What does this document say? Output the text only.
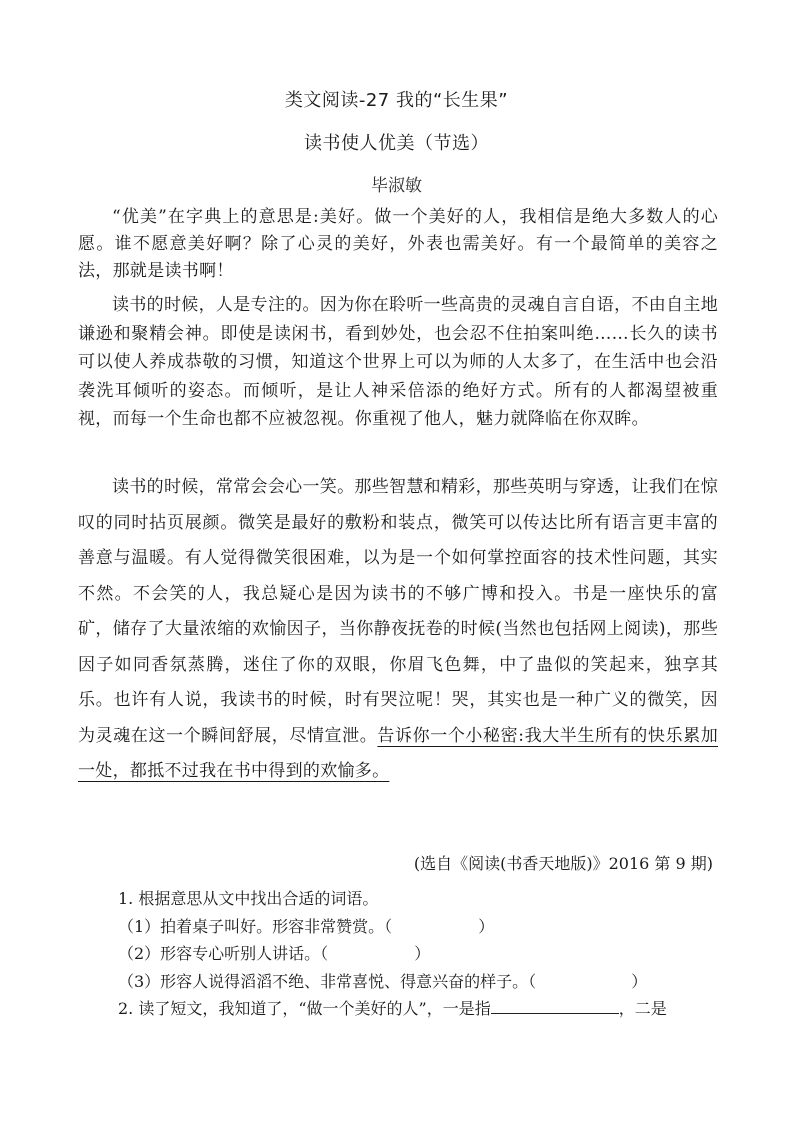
类文阅读-27 我的“长生果”
读书使人优美（节选）
毕淑敏

“优美”在字典上的意思是:美好。做一个美好的人，我相信是绝大多数人的心愿。谁不愿意美好啊？除了心灵的美好，外表也需美好。有一个最简单的美容之法，那就是读书啊！

读书的时候，人是专注的。因为你在聆听一些高贵的灵魂自言自语，不由自主地谦逊和聚精会神。即使是读闲书，看到妙处，也会忍不住拍案叫绝……长久的读书可以使人养成恭敬的习惯，知道这个世界上可以为师的人太多了，在生活中也会沿袭洗耳倾听的姿态。而倾听，是让人神采倍添的绝好方式。所有的人都渴望被重视，而每一个生命也都不应被忽视。你重视了他人，魅力就降临在你双眸。

读书的时候，常常会会心一笑。那些智慧和精彩，那些英明与穿透，让我们在惊叹的同时拈页展颜。微笑是最好的敷粉和装点，微笑可以传达比所有语言更丰富的善意与温暖。有人觉得微笑很困难，以为是一个如何掌控面容的技术性问题，其实不然。不会笑的人，我总疑心是因为读书的不够广博和投入。书是一座快乐的富矿，储存了大量浓缩的欢愉因子，当你静夜抚卷的时候(当然也包括网上阅读)，那些因子如同香氛蒸腾，迷住了你的双眼，你眉飞色舞，中了蛊似的笑起来，独享其乐。也许有人说，我读书的时候，时有哭泣呢！哭，其实也是一种广义的微笑，因为灵魂在这一个瞬间舒展，尽情宣泄。告诉你一个小秘密:我大半生所有的快乐累加一处，都抵不过我在书中得到的欢愉多。

(选自《阅读(书香天地版)》2016 第 9 期)
1. 根据意思从文中找出合适的词语。
（1）拍着桌子叫好。形容非常赞赏。（	）
（2）形容专心听别人讲话。（	）
（3）形容人说得滔滔不绝、非常喜悦、得意兴奋的样子。（	）
2. 读了短文，我知道了，“做一个美好的人”，一是指	，二是
